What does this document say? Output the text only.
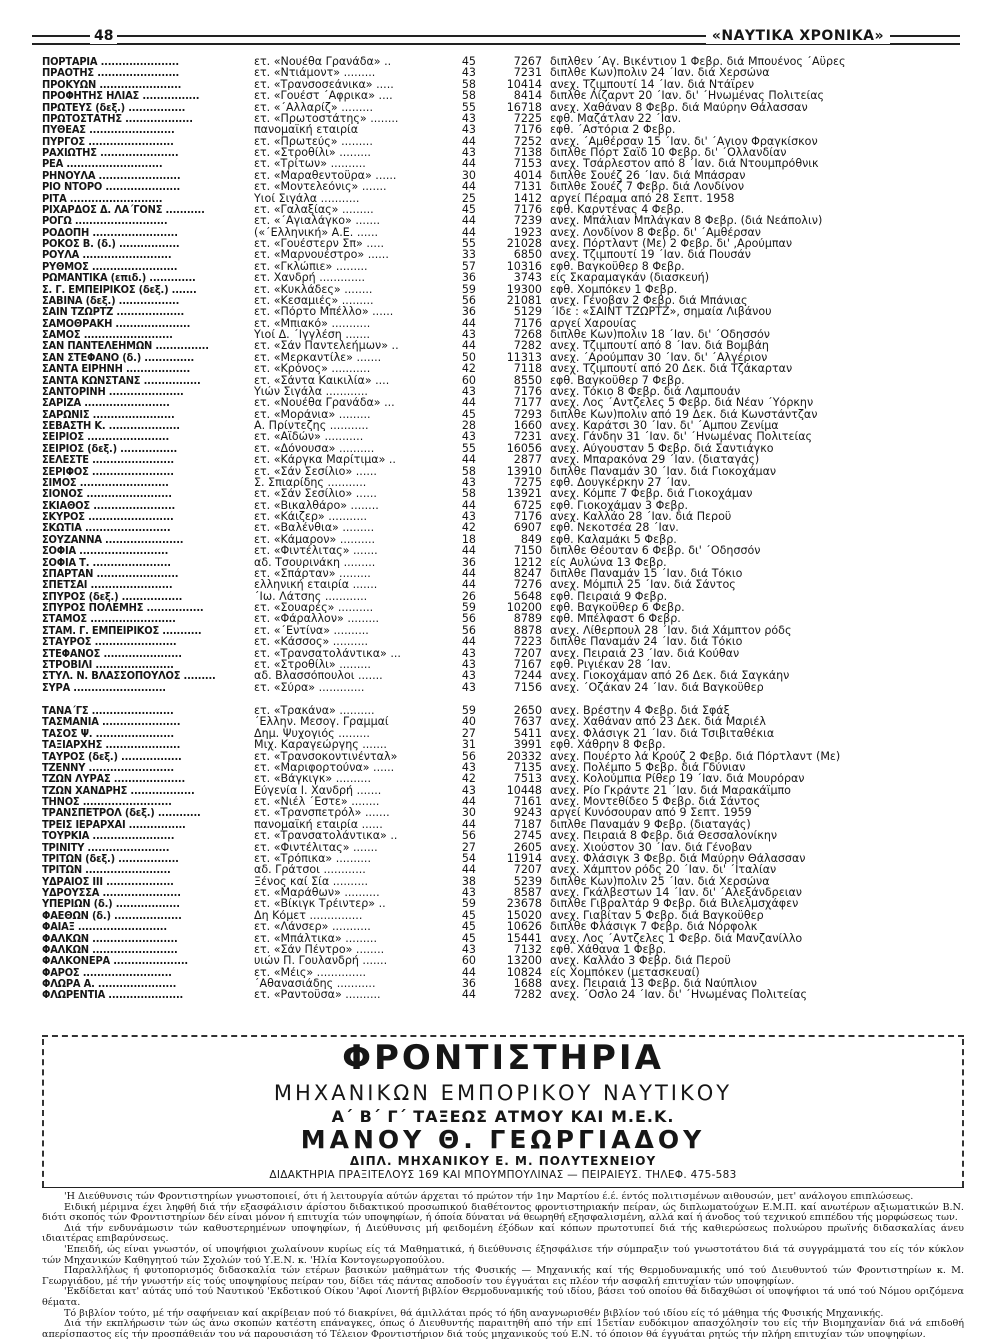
48	«ΝΑΥΤΙΚΑ ΧΡΟΝΙΚΑ»
ΠΟΡΤΑΡΙΑ ......................	ετ. «Νουέθα Γρανάδα» ..	45	7267 διπλθεν ΄Αγ. Βικέντιον 1 Φεβρ. διά Μπουένος ΄Αϋρες
ΠΡΑΟΤΗΣ .......................	ετ. «Ντιάμοντ» .........	43	7231 διπλθε Κων)πολιν 24 ΄Ιαν. διά Χερσώνα
ΠΡΟΚΥΩΝ .......................	ετ. «Τρανσοσεάνικα» .....	58	10414 ανεχ. Τζιμπουτί 14 ΄Ιαν. διά Ντάϊρεν
ΠΡΟΦΗΤΗΣ ΗΛΙΑΣ ................	ετ. «Γουέστ ΄Αφρικα» ....	58	8414 διπλθε Λίζαρντ 20 ΄Ιαν. δι' ΄Ηνωμένας Πολιτείας
ΠΡΩΤΕΥΣ (δεξ.) ................	ετ. «΄Αλλαρίζ» .........	55	16718 ανεχ. Χαθάναν 8 Φεβρ. διά Μαύρην Θάλασσαν
ΠΡΩΤΟΣΤΑΤΗΣ ...................	ετ. «Πρωτοστάτης» ........	43	7225 εφθ. Μαζάτλαν 22 ΄Ιαν.
ΠΥΘΕΑΣ ........................	πανομαϊκή εταιρία	43	7176 εφθ. ΄Αστόρια 2 Φεβρ.
ΠΥΡΓΟΣ ........................	ετ. «Πρωτεύς» .........	44	7252 ανεχ. ΄Αμθέρσαν 15 ΄Ιαν. δι' ΄Αγιον Φραγκίσκον
ΡΑΧΙΩΤΗΣ ......................	ετ. «Στροθίλι» .........	43	7138 διπλθε Πόρτ Σαΐδ 10 Φεβρ. δι' ΄Ολλανδίαν
ΡΕΑ ...........................	ετ. «Τρίτων» ..........	44	7153 ανεχ. Τσάρλεστον από 8 ΄Ιαν. διά Ντουμπρόθνικ
ΡΗΝΟΥΛΑ .......................	ετ. «Μαραθεντοΰρα» ......	30	4014 διπλθε Σουέζ 26 ΄Ιαν. διά Μπάσραν
ΡΙΟ ΝΤΟΡΟ .....................	ετ. «Μοντελεόνις» .......	44	7131 διπλθε Σουέζ 7 Φεβρ. διά Λονδίνον
ΡΙΤΑ ..........................	Υιοί Σιγάλα ...........	25	1412 αργεί Πέραμα από 28 Σεπτ. 1958
ΡΙΧΑΡΔΟΣ Δ. ΛΑ΄ΓΟΝΣ ...........	ετ. «Γαλαξίας» .........	45	7176 εφθ. Καρντένας 4 Φεβρ.
ΡΟΓΩ ..........................	ετ. «΄Αγιαλάγκο» .......	44	7239 ανεχ. Μπάλιαν Μπλάγκαν 8 Φεβρ. (διά Νεάπολιν)
ΡΟΔΟΠΗ ........................	(«΄Ελληνική» Α.Ε. ......	44	1923 ανεχ. Λονδίνον 8 Φεβρ. δι' ΄Αμθέρσαν
ΡΟΚΟΣ Β. (δ.) .................	ετ. «Γουέστερν Σπ» .....	55	21028 ανεχ. Πόρτλαντ (Με) 2 Φεβρ. δι' ,Αρούμπαν
ΡΟΥΛΑ .........................	ετ. «Μαρνουέστρο» ......	33	6850 ανεχ. Τζιμπουτί 19 ΄Ιαν. διά Πουσάν
ΡΥΘΜΟΣ ........................	ετ. «Γκλώπιε» .........	57	10316 εφθ. Βαγκοΰθερ 8 Φεβρ.
ΡΩΜΑΝΤΙΚΑ (επιδ.) .............	ετ. Χανδρή .............	36	3743 είς Σκαραμαγκάν (διασκευή)
Σ. Γ. ΕΜΠΕΙΡΙΚΟΣ (δεξ.) .......	ετ. «Κυκλάδες» ........	59	19300 εφθ. Χομπόκεν 1 Φεβρ.
ΣΑΒΙΝΑ (δεξ.) .................	ετ. «Κεσαμιές» .........	56	21081 ανεχ. Γένοβαν 2 Φεβρ. διά Μπάνιας
ΣΑΙΝ ΤΖΩΡΤΖ ...................	ετ. «Πόρτο Μπέλλο» ......	36	5129 ΄Ιδε : «ΣΑΙΝΤ ΤΖΩΡΤΖ», σημαία Λιβάνου
ΣΑΜΟΘΡΑΚΗ .....................	ετ. «Μπιακό» ...........	44	7176 αργεί Χαρουίας
ΣΑΜΟΣ .........................	Υιοί Δ. ΄Ιγγλέση .......	43	7268 διπλθε Κων)πολιν 18 ΄Ιαν. δι' ΄Οδησσόν
ΣΑΝ ΠΑΝΤΕΛΕΗΜΩΝ ...............	ετ. «Σάν Παντελεήμων» ..	44	7282 ανεχ. Τζιμπουτί από 8 ΄Ιαν. διά Βομβάη
ΣΑΝ ΣΤΕΦΑΝΟ (δ.) ..............	ετ. «Μερκαντίλε» .......	50	11313 ανεχ. ΄Αρούμπαν 30 ΄Ιαν. δι' ΄Αλγέριον
ΣΑΝΤΑ ΕΙΡΗΝΗ ..................	ετ. «Κρόνος» ...........	42	7118 ανεχ. Τζιμπουτί από 20 Δεκ. διά Τζάκαρταν
ΣΑΝΤΑ ΚΩΝΣΤΑΝΣ ................	ετ. «Σάντα Καικιλία» ....	60	8550 εφθ. Βαγκοΰθερ 7 Φεβρ.
ΣΑΝΤΟΡΙΝΗ .....................	Υιών Σιγάλα ............	43	7176 ανεχ. Τόκιο 8 Φεβρ. διά Λαμπουάν
ΣΑΡΙΖΑ ........................	ετ. «Νουέθα Γρανάδα» ...	44	7177 ανεχ. Λος ΄Αντζελες 5 Φεβρ. διά Νέαν ΄Υόρκην
ΣΑΡΩΝΙΣ .......................	ετ. «Μοράνια» .........	45	7293 διπλθε Κων)πολιν από 19 Δεκ. διά Κωνστάντζαν
ΣΕΒΑΣΤΗ Κ. ....................	Α. Πρίντεζης ...........	28	1660 ανεχ. Καράτσι 30 ΄Ιαν. δι' ΄Αμπου Ζενίμα
ΣΕΙΡΙΟΣ .......................	ετ. «Αϊδών» ...........	43	7231 ανεχ. Γάνδην 31 ΄Ιαν. δι' ΄Ηνωμένας Πολιτείας
ΣΕΙΡΙΟΣ (δεξ.) ................	ετ. «Δόνουσα» ..........	55	16056 ανεχ. Αύγουσταν 5 Φεβρ. διά Σαντιάγκο
ΣΕΛΕΣΤΕ .......................	ετ. «Κάργκα Μαρίτιμα» ..	44	2877 ανεχ. Μπαρακόνα 29 ΄Ιαν. (διαταγάς)
ΣΕΡΙΦΟΣ .......................	ετ. «Σάν Σεσίλιο» ......	58	13910 διπλθε Παναμάν 30 ΄Ιαν. διά Γιοκοχάμαν
ΣΙΜΟΣ .........................	Σ. Σπιαρίδης ...........	43	7275 εφθ. Δουγκέρκην 27 ΄Ιαν.
ΣΙΟΝΟΣ ........................	ετ. «Σάν Σεσίλιο» ......	58	13921 ανεχ. Κόμπε 7 Φεβρ. διά Γιοκοχάμαν
ΣΚΙΑΘΟΣ .......................	ετ. «Βικαλθάρο» ........	44	6725 εφθ. Γιοκοχάμαν 3 Φεβρ.
ΣΚΥΡΟΣ ........................	ετ. «Κάιζερ» ...........	43	7176 ανεχ. Καλλάο 28 ΄Ιαν. διά Περοΰ
ΣΚΩΤΙΑ ........................	ετ. «Βαλένθια» .........	42	6907 εφθ. Νεκοτσέα 28 ΄Ιαν.
ΣΟΥΖΑΝΝΑ ......................	ετ. «Κάμαρον» ..........	18	849 εφθ. Καλαμάκι 5 Φεβρ.
ΣΟΦΙΑ .........................	ετ. «Φιντέλιτας» .......	44	7150 διπλθε Θέουταν 6 Φεβρ. δι' ΄Οδησσόν
ΣΟΦΙΑ Τ. ......................	αδ. Τσουρινάκη .........	36	1212 είς Αυλώνα 13 Φεβρ.
ΣΠΑΡΤΑΝ .......................	ετ. «Σπάρταν» .........	44	8247 διπλθε Παναμάν 15 ΄Ιαν. διά Τόκιο
ΣΠΕΤΣΑΙ .......................	ελληνική εταιρία .......	44	7276 ανεχ. Μόμπιλ 25 ΄Ιαν. διά Σάντος
ΣΠΥΡΟΣ (δεξ.) .................	΄Ιω. Λάτσης ............	26	5648 εφθ. Πειραιά 9 Φεβρ.
ΣΠΥΡΟΣ ΠΟΛΕΜΗΣ ................	ετ. «Σουαρές» ..........	59	10200 εφθ. Βαγκοΰθερ 6 Φεβρ.
ΣΤΑΜΟΣ ........................	ετ. «Φάραλλον» .........	56	8789 εφθ. Μπέλφαστ 6 Φεβρ.
ΣΤΑΜ. Γ. ΕΜΠΕΙΡΙΚΟΣ ...........	ετ. «΄Εντίνα» ..........	56	8878 ανεχ. Λίθερπουλ 28 ΄Ιαν. διά Χάμπτον ρόδς
ΣΤΑΥΡΟΣ .......................	ετ. «Κάσσος» ..........	44	7223 διπλθε Παναμάν 24 ΄Ιαν. διά Τόκιο
ΣΤΕΦΑΝΟΣ ......................	ετ. «Τρανσατολάντικα» ...	43	7207 ανεχ. Πειραιά 23 ΄Ιαν. διά Κούθαν
ΣΤΡΟΒΙΛΙ ......................	ετ. «Στροθίλι» .........	43	7167 εφθ. Ριγιέκαν 28 ΄Ιαν.
ΣΤΥΛ. Ν. ΒΛΑΣΣΟΠΟΥΛΟΣ .........	αδ. Βλασσόπουλοι .......	43	7244 ανεχ. Γιοκοχάμαν από 26 Δεκ. διά Σαγκάην
ΣΥΡΑ ..........................	ετ. «Σύρα» .............	43	7156 ανεχ. ΄Οζάκαν 24 ΄Ιαν. διά Βαγκοΰθερ
ΤΑΝΑ΄ΓΣ .......................	ετ. «Τρακάνα» ..........	59	2650 ανεχ. Βρέστην 4 Φεβρ. διά Σφάξ
ΤΑΣΜΑΝΙΑ ......................	΄Ελλην. Μεσογ. Γραμμαί	40	7637 ανεχ. Χαθάναν από 23 Δεκ. διά Μαριέλ
ΤΑΣΟΣ Ψ. ......................	Δημ. Ψυχογιός .........	27	5411 ανεχ. Φλάσιγκ 21 ΄Ιαν. διά Τσιβιταθέκια
ΤΑΞΙΑΡΧΗΣ .....................	Μιχ. Καραγεώργης .......	31	3991 εφθ. Χάθρην 8 Φεβρ.
ΤΑΥΡΟΣ (δεξ.) .................	ετ. «Τρανσοκοντινένταλ»	56	20332 ανεχ. Πουέρτο λά Κρούζ 2 Φεβρ. διά Πόρτλαντ (Με)
ΤΖΕΝΝΥ ........................	ετ. «Μαριφορτούνα» ......	43	7135 ανεχ. Πολέμπο 5 Φεβρ. διά Γδύνιαν
ΤΖΩΝ ΛΥΡΑΣ ....................	ετ. «Βάγκιγκ» ..........	42	7513 ανεχ. Κολούμπια Ρίθερ 19 ΄Ιαν. διά Μουρόραν
ΤΖΩΝ ΧΑΝΔΡΗΣ ..................	Εύγενία Ι. Χανδρή .......	43	10448 ανεχ. Ρίο Γκράντε 21 ΄Ιαν. διά Μαρακάϊμπο
ΤΗΝΟΣ .........................	ετ. «Νιέλ ΄Εστε» ........	44	7161 ανεχ. Μοντεθίδεο 5 Φεβρ. διά Σάντος
ΤΡΑΝΣΠΕΤΡΟΛ (δεξ.) ............	ετ. «Τρανσπετρόλ» .......	30	9243 αργεί Κυνόσουραν από 9 Σεπτ. 1959
ΤΡΕΙΣ ΙΕΡΑΡΧΑΙ ................	πανομαϊκή εταιρία ......	44	7187 διπλθε Παναμάν 9 Φεβρ. (διαταγάς)
ΤΟΥΡΚΙΑ .......................	ετ. «Τρανσατολάντικα» ..	56	2745 ανεχ. Πειραιά 8 Φεβρ. διά Θεσσαλονίκην
ΤΡΙΝΙΤΥ .......................	ετ. «Φιντέλιτας» .......	27	2605 ανεχ. Χιούστον 30 ΄Ιαν. διά Γένοβαν
ΤΡΙΤΩΝ (δεξ.) .................	ετ. «Τρόπικα» ..........	54	11914 ανεχ. Φλάσιγκ 3 Φεβρ. διά Μαύρην Θάλασσαν
ΤΡΙΤΩΝ ........................	αδ. Γράτσοι ............	44	7207 ανεχ. Χάμπτον ρόδς 20 ΄Ιαν. δι' ΄Ιταλίαν
ΥΔΡΑΙΟΣ ΙΙΙ ...................	Ξένος καί Σία ..........	38	5239 διπλθε Κων)πολιν 25 ΄Ιαν. διά Χερσώνα
ΥΔΡΟΥΣΣΑ ......................	ετ. «Μαράθων» ..........	43	8587 ανεχ. Γκάλβεστων 14 ΄Ιαν. δι' ΄Αλεξάνδρειαν
ΥΠΕΡΙΩΝ (δ.) ..................	ετ. «Βίκιγκ Τρέιντερ» ..	59	23678 διπλθε Γιβραλτάρ 9 Φεβρ. διά Βιλελμσχάφεν
ΦΑΕΘΩΝ (δ.) ...................	Δη Κόμετ ...............	45	15020 ανεχ. Γιαβίταν 5 Φεβρ. διά Βαγκοΰθερ
ΦΑΙΑΞ .........................	ετ. «Λάνσερ» ...........	45	10626 διπλθε Φλάσιγκ 7 Φεβρ. διά Νόρφολκ
ΦΑΛΚΩΝ ........................	ετ. «Μπάλτικα» .........	45	15441 ανεχ. Λος ΄Αντζελες 1 Φεβρ. διά Μανζανίλλο
ΦΑΛΚΩΝ ........................	ετ. «Σάν Πέντρο» ........	43	7132 εφθ. Χάθανα 1 Φεβρ.
ΦΑΛΚΟΝΕΡΑ .....................	υιών Π. Γουλανδρή .......	60	13200 ανεχ. Καλλάο 3 Φεβρ. διά Περοΰ
ΦΑΡΟΣ .........................	ετ. «Μέις» ..............	44	10824 είς Χομπόκεν (μετασκευαί)
ΦΛΩΡΑ Α. ......................	΄Αθανασιάδης ...........	36	1688 ανεχ. Πειραιά 13 Φεβρ. διά Ναύπλιον
ΦΛΩΡΕΝΤΙΑ .....................	ετ. «Ραντοΰσα» ..........	44	7282 ανεχ. ΄Οσλο 24 ΄Ιαν. δι' ΄Ηνωμένας Πολιτείας
ΦΡΟΝΤΙΣΤΗΡΙΑ
ΜΗΧΑΝΙΚΩΝ ΕΜΠΟΡΙΚΟΥ ΝΑΥΤΙΚΟΥ
Α΄ Β΄ Γ΄ ΤΑΞΕΩΣ ΑΤΜΟΥ ΚΑΙ Μ.Ε.Κ.
ΜΑΝΟΥ Θ. ΓΕΩΡΓΙΑΔΟΥ
ΔΙΠΛ. ΜΗΧΑΝΙΚΟΥ Ε. Μ. ΠΟΛΥΤΕΧΝΕΙΟΥ
ΔΙΔΑΚΤΗΡΙΑ ΠΡΑΞΙΤΕΛΟΥΣ 169 ΚΑΙ ΜΠΟΥΜΠΟΥΛΙΝΑΣ — ΠΕΙΡΑΙΕΥΣ. ΤΗΛΕΦ. 475-583

'Η Διεύθυνσις τών Φροντιστηρίων γνωστοποιεί, ότι ή λειτουργία αύτών άρχεται τό πρώτον τήν 1ην Μαρτίου έ.έ. έντός πολιτισμένων αιθουσών, μετ' ανάλογου επιπλώσεως.

Ειδική μέριμνα έχει ληφθή διά τήν εξασφάλισιν άρίστου διδακτικού προσωπικού διαθέτοντος φροντιστηριακήν πείραν, ώς διπλωματούχων Ε.Μ.Π. καί ανωτέρων αξιωματικών Β.Ν. διότι σκοπός τών Φροντιστηρίων δέν είναι μόνον ή επιτυχία τών υποψηφίων, ή όποία δύναται νά θεωρηθή εξησφαλισμένη, αλλά καί ή άνοδος τού τεχνικού επιπέδου τής μορφώσεως των.

Διά τήν ενδυνάμωσιν τών καθυστερημένων υποψηφίων, ή Διεύθυνσις μή φειδομένη έξόδων καί κόπων πρωτοτυπεί διά τής καθιερώσεως πολυώρου πρωϊνής διδασκαλίας άνευ ιδιαιτέρας επιβαρύνσεως.

'Επειδή, ώς είναι γνωστόν, οί υποψήφιοι χωλαίνουν κυρίως είς τά Μαθηματικά, ή διεύθυνσις έξησφάλισε τήν σύμπραξιν τού γνωστοτάτου διά τά συγγράμματά του είς τόν κύκλον τών Μηχανικών Καθηγητού τών Σχολών τού Υ.Ε.Ν. κ. 'Ηλία Κοντογεωργοπούλου.

Παραλλήλως ή φυτοπορισμός διδασκαλία τών ετέρων βασικών μαθημάτων τής Φυσικής — Μηχανικής καί τής Θερμοδυναμικής υπό τού Διευθυντού τών Φροντιστηρίων κ. Μ. Γεωργιάδου, μέ τήν γνωστήν είς τούς υποψηφίους πείραν του, δίδει τάς πάντας αποδοσίν του έγγυάται εις πλέον τήν ασφαλή επιτυχίαν τών υποψηφίων.

'Εκδίδεται κατ' αύτάς υπό τού Ναυτικού 'Εκδοτικού Οίκου 'Αφοί Λιοντή βιβλίον Θερμοδυναμικής τού ιδίου, βάσει τού οποίου θά διδαχθώσι οί υποψήφιοι τά υπό τού Νόμου οριζόμενα θέματα.

Τό βιβλίον τούτο, μέ τήν σαφήνειαν καί ακρίβειαν πού τό διακρίνει, θά άμιλλάται πρός τό ήδη αναγνωρισθέν βιβλίον τού ιδίου είς τό μάθημα τής Φυσικής Μηχανικής.

Διά τήν εκπλήρωσιν τών ώς άνω σκοπών κατέστη επάναγκες, όπως ό Διευθυντής παραιτηθή από τήν επί 15ετίαν ευδόκιμον απασχόλησίν του είς τήν Βιομηχανίαν διά νά επιδοθή απερίσπαστος είς τήν προσπάθειάν του νά παρουσιάση τό Τέλειον Φροντιστήριον διά τούς μηχανικούς τού Ε.Ν. τό όποιον θά έγγυάται ρητώς τήν πλήρη επιτυχίαν τών υποψηφίων.
